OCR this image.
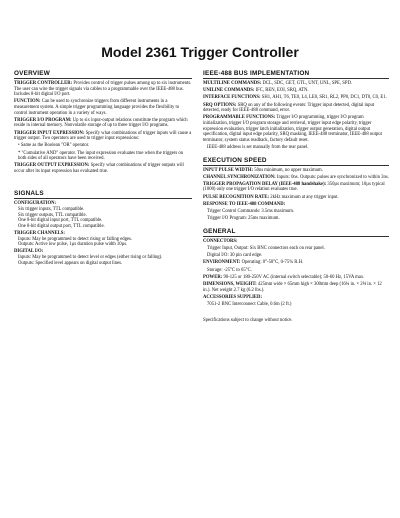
Model 2361 Trigger Controller
OVERVIEW
TRIGGER CONTROLLER: Provides control of trigger pulses among up to six instruments. The user can wire the trigger signals via cables to a programmable over the IEEE-488 bus. Includes 8-bit digital I/O port.
FUNCTION: Can be used to synchronize triggers from different instruments in a measurement system. A simple trigger programming language provides the flexibility to control instrument operation in a variety of ways.
TRIGGER I/O PROGRAM: Up to six input-output relations constitute the program which reside in internal memory. Nonvolatile storage of up to three trigger I/O programs.
TRIGGER INPUT EXPRESSION: Specify what combinations of trigger inputs will cause a trigger output. Two operators are used to trigger input expressions:
• Same as the Boolean "OR" operator.
* "Cumulative AND" operator. The input expression evaluates true when the triggers on both sides of all operators have been received.
TRIGGER OUTPUT EXPRESSION: Specify what combinations of trigger outputs will occur after its input expression has evaluated true.
SIGNALS
CONFIGURATION:
Six trigger inputs, TTL compatible.
Six trigger outputs, TTL compatible.
One 8-bit digital input port, TTL compatible.
One 8-bit digital output port, TTL compatible.
TRIGGER CHANNELS:
Inputs: May be programmed to detect rising or falling edges.
Outputs: Active low pulse, 1µs duration pulse width 10µs.
DIGITAL I/O:
Inputs: May be programmed to detect level or edges (either rising or falling).
Outputs: Specified level appears on digital output lines.
IEEE-488 BUS IMPLEMENTATION
MULTILINE COMMANDS: DCL, SDC, GET, GTL, UNT, UNL, SPE, SPD.
UNILINE COMMANDS: IFC, REN, EOI, SRQ, ATN.
INTERFACE FUNCTIONS: SH1, AH1, T6, TE0, L4, LE0, SR1, RL2, PP0, DC1, DT0, C0, E1.
SRQ OPTIONS: SRQ on any of the following events: Trigger input detected, digital input detected, ready for IEEE-488 command, error.
PROGRAMMABLE FUNCTIONS: Trigger I/O programming, trigger I/O program initialization, trigger I/O program storage and retrieval, trigger input edge polarity, trigger expression evaluation, trigger latch initialization, trigger output generation, digital output specification, digital input edge polarity, SRQ masking, IEEE-488 terminator, IEEE-488 output terminator, system status readback, factory default reset.
IEEE-488 address is set manually from the rear panel.
EXECUTION SPEED
INPUT PULSE WIDTH: 50ns minimum, no upper maximum.
CHANNEL SYNCHRONIZATION: Inputs: 0ns. Outputs: pulses are synchronized to within 3ns.
TRIGGER PROPAGATION DELAY (IEEE-488 handshake): 350µs maximum; 10µs typical (1000) only one trigger I/O relation evaluates true.
PULSE RECOGNITION RATE: 2kHz maximum at any trigger input.
RESPONSE TO IEEE-488 COMMAND:
Trigger Control Commands: 3.5ms maximum.
Trigger I/O Program: 25ms maximum.
GENERAL
CONNECTORS:
Trigger Input, Output: Six BNC connectors each on rear panel.
Digital I/O: 30 pin card edge.
ENVIRONMENT: Operating: 0°-50°C, 0-75% R.H.
Storage: -25°C to 65°C.
POWER: 90-125 or 180-250V AC (internal switch selectable); 50-60 Hz, 15VA max.
DIMENSIONS, WEIGHT: 425mm wide × 65mm high × 300mm deep (16¾ in. × 2⅝ in. × 12 in.). Net weight 2.7 kg (6.2 lbs.).
ACCESSORIES SUPPLIED:
7051-2 BNC Interconnect Cable, 0.6m (2 ft.)
Specifications subject to change without notice.
